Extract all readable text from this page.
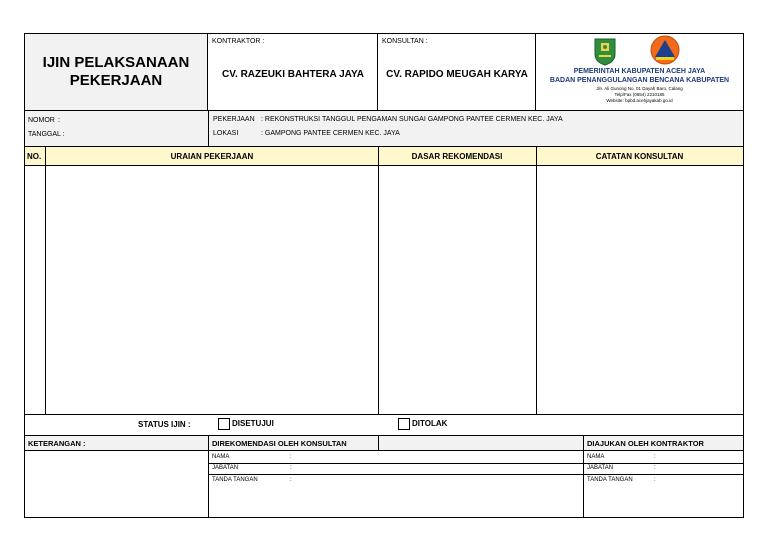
IJIN PELAKSANAAN PEKERJAAN
KONTRAKTOR :
CV. RAZEUKI BAHTERA JAYA
KONSULTAN :
CV. RAPIDO MEUGAH KARYA	PEMERINTAH KABUPATEN ACEH JAYA
BADAN PENANGGULANGAN BENCANA KABUPATEN
Jln. Ali Gunong No. 01 Dayah Baro, Calang
Telp/Fax (0654) 2210185
Website: bpbd.acehjayakab.go.id
NOMOR :
TANGGAL :
PEKERJAAN : REKONSTRUKSI TANGGUL PENGAMAN SUNGAI GAMPONG PANTEE CERMEN KEC. JAYA
LOKASI	: GAMPONG PANTEE CERMEN KEC. JAYA
NO.	URAIAN PEKERJAAN	DASAR REKOMENDASI	CATATAN KONSULTAN
STATUS IJIN :	DISETUJUI	DITOLAK
KETERANGAN :	DIREKOMENDASI OLEH KONSULTAN	DIAJUKAN OLEH KONTRAKTOR
NAMA	:
JABATAN	:
TANDA TANGAN	:
NAMA	:
JABATAN	:
TANDA TANGAN	:
